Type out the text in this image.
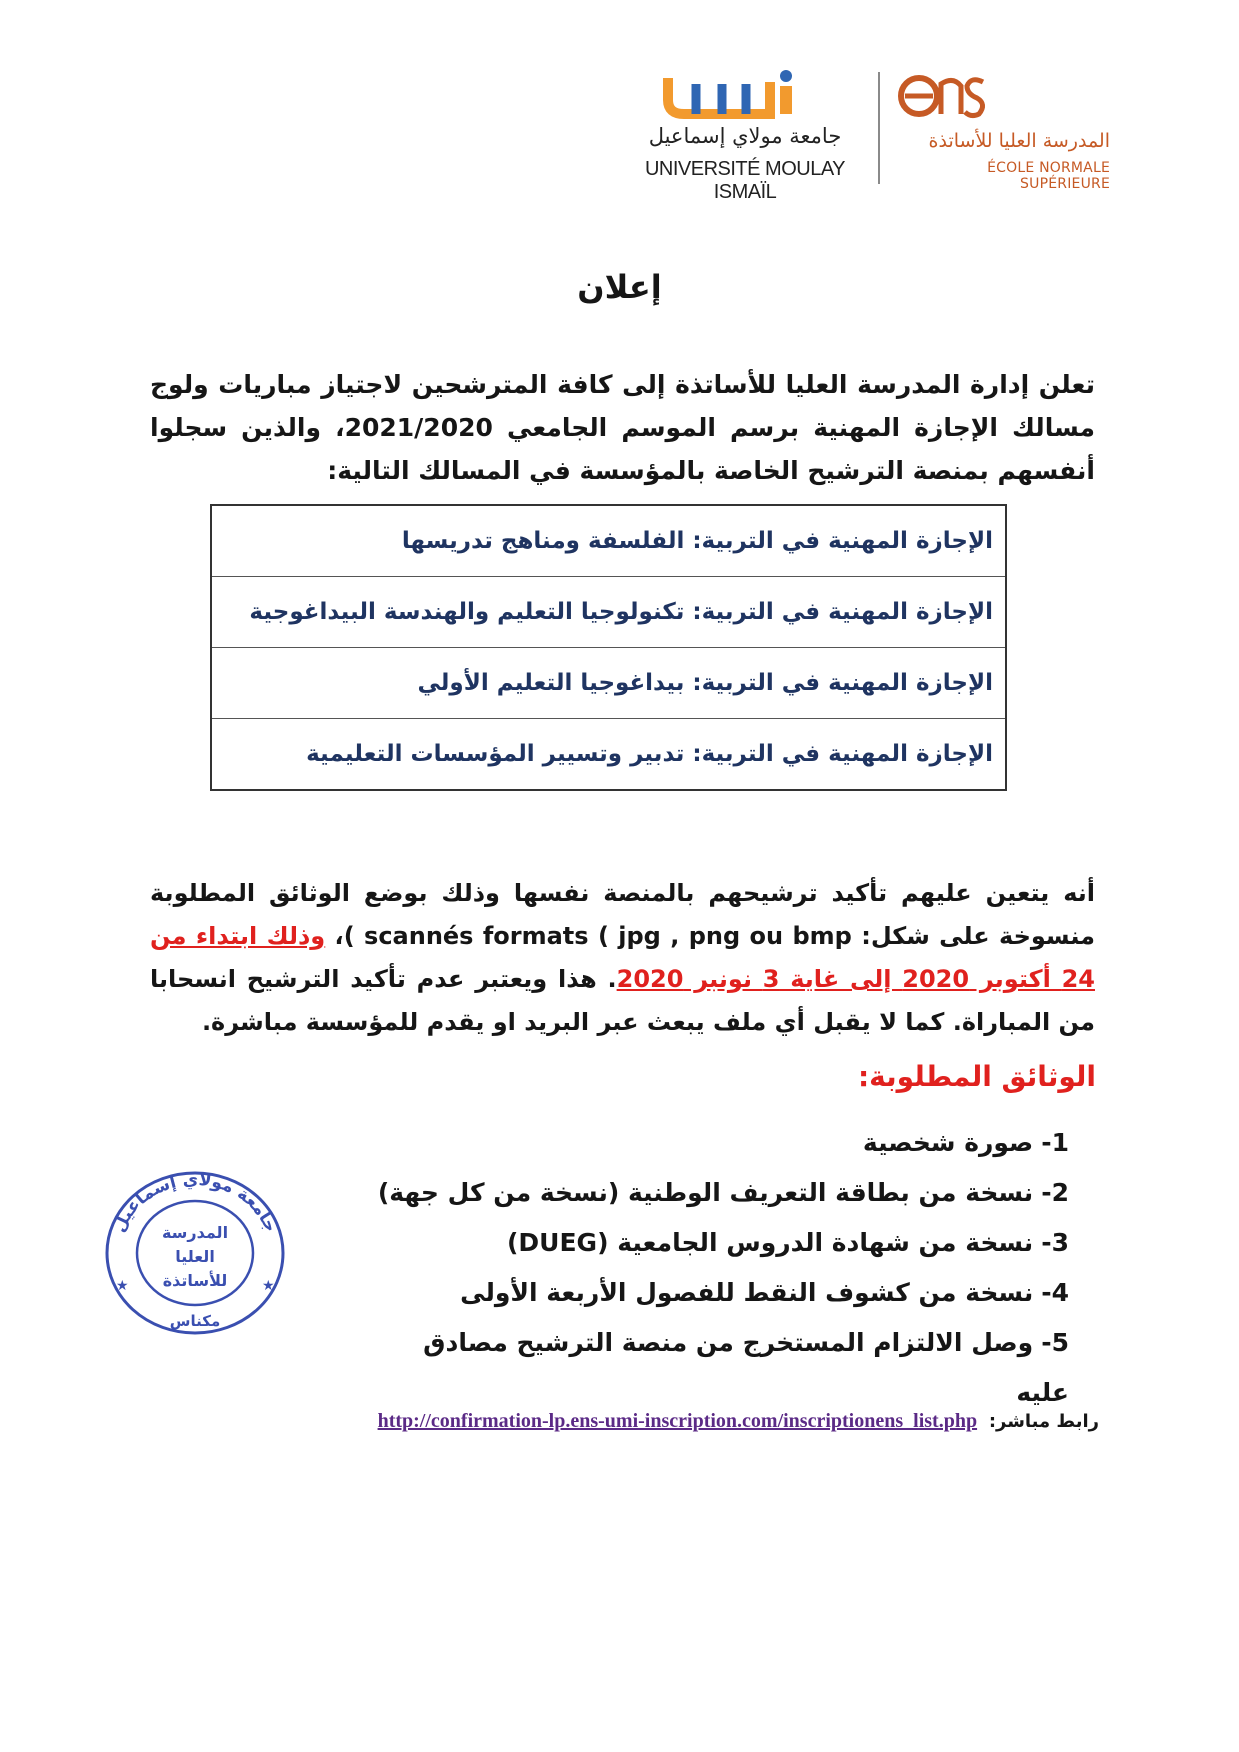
جامعة مولاي إسماعيل
UNIVERSITÉ MOULAY ISMAÏL
المدرسة العليا للأساتذة
ÉCOLE NORMALE SUPÉRIEURE
إعلان

تعلن إدارة المدرسة العليا للأساتذة إلى كافة المترشحين لاجتياز مباريات ولوج مسالك الإجازة المهنية برسم الموسم الجامعي 2021/2020، والذين سجلوا أنفسهم بمنصة الترشيح الخاصة بالمؤسسة في المسالك التالية:

الإجازة المهنية في التربية: الفلسفة ومناهج تدريسها
الإجازة المهنية في التربية: تكنولوجيا التعليم والهندسة البيداغوجية
الإجازة المهنية في التربية: بيداغوجيا التعليم الأولي
الإجازة المهنية في التربية: تدبير وتسيير المؤسسات التعليمية

أنه يتعين عليهم تأكيد ترشيحهم بالمنصة نفسها وذلك بوضع الوثائق المطلوبة منسوخة على شكل: ( scannés formats ( jpg , png ou bmp، وذلك ابتداء من 24 أكتوبر 2020 إلى غاية 3 نونبر 2020. هذا ويعتبر عدم تأكيد الترشيح انسحابا من المباراة. كما لا يقبل أي ملف يبعث عبر البريد او يقدم للمؤسسة مباشرة.

الوثائق المطلوبة:
1-صورة شخصية
2-نسخة من بطاقة التعريف الوطنية (نسخة من كل جهة)
3-نسخة من شهادة الدروس الجامعية (DUEG)
4-نسخة من كشوف النقط للفصول الأربعة الأولى
5-وصل الالتزام المستخرج من منصة الترشيح مصادق عليه
جامعة مولاي إسماعيل
المدرسة
العليا
للأساتذة
مكناس
★	★
رابط مباشر: http://confirmation-lp.ens-umi-inscription.com/inscriptionens_list.php
